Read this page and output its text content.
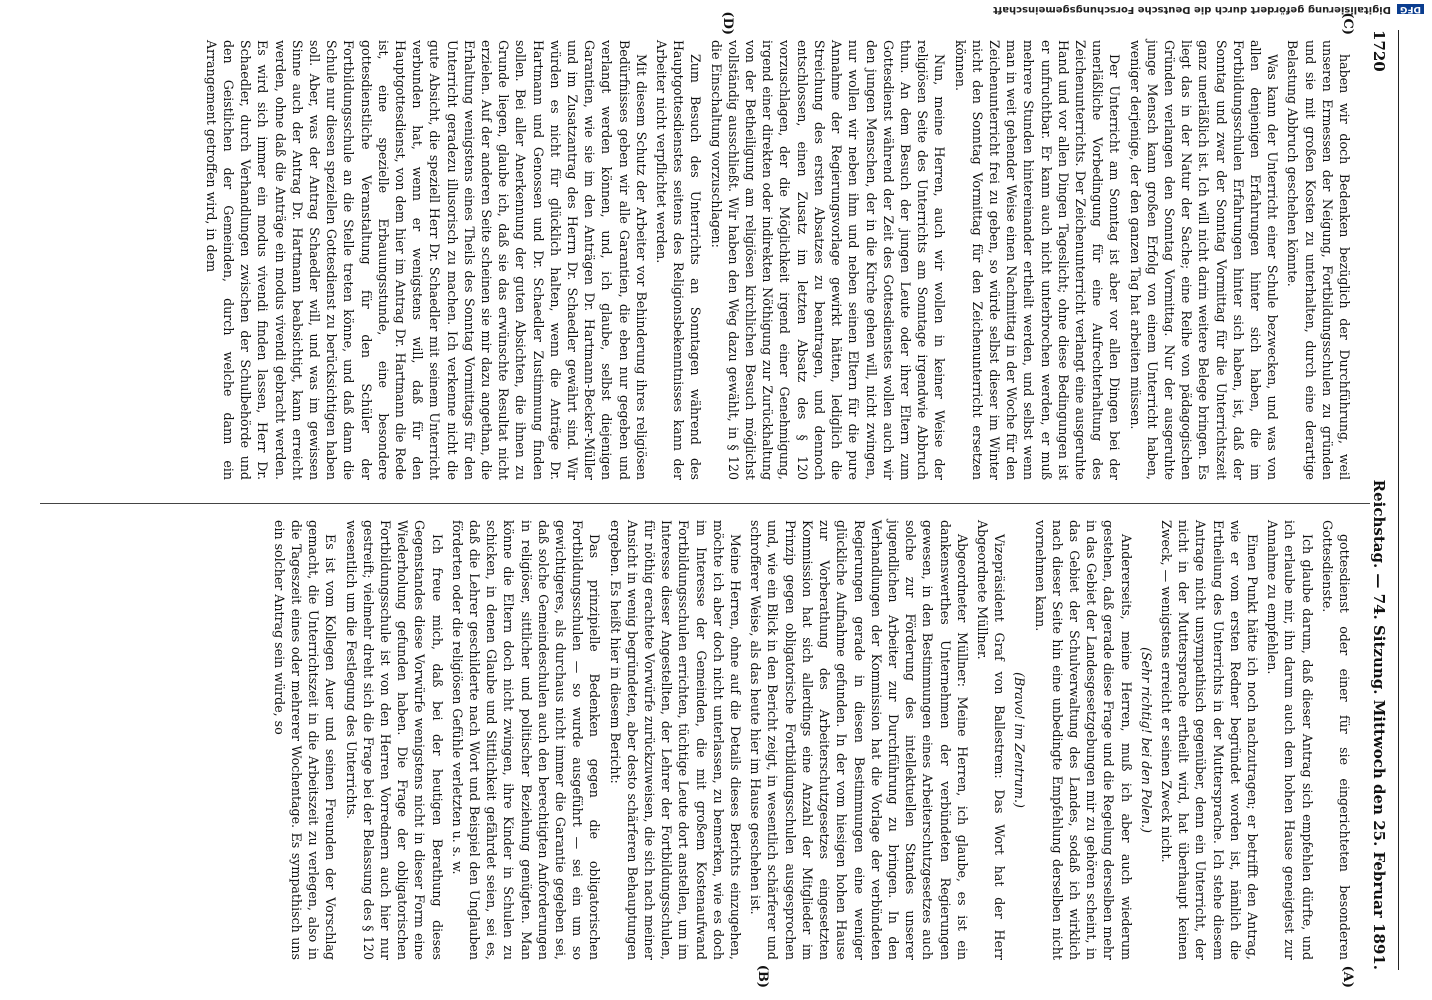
1720
Reichstag. — 74. Sitzung. Mittwoch den 25. Februar 1891.
(A)
(B)
(C)
(D)

gottesdienst oder einer für sie eingerichteten besonderen Gottesdienste.

Ich glaube darum, daß dieser Antrag sich empfehlen dürfte, und ich erlaube mir, ihn darum auch dem hohen Hause geneigtest zur Annahme zu empfehlen.

Einen Punkt hätte ich noch nachzutragen; er betrifft den Antrag, wie er vom ersten Redner begründet worden ist, nämlich die Ertheilung des Unterrichts in der Muttersprache. Ich stehe diesem Antrage nicht unsympathisch gegenüber, denn ein Unterricht, der nicht in der Muttersprache ertheilt wird, hat überhaupt keinen Zweck, — wenigstens erreicht er seinen Zweck nicht.

(Sehr richtig! bei den Polen.)

Andererseits, meine Herren, muß ich aber auch wiederum gestehen, daß gerade diese Frage und die Regelung derselben mehr in das Gebiet der Landesgesetzgebungen mir zu gehören scheint, in das Gebiet der Schulverwaltung des Landes, sodaß ich wirklich nach dieser Seite hin eine unbedingte Empfehlung derselben nicht vornehmen kann.

(Bravo! im Zentrum.)

Vizepräsident Graf von Ballestrem: Das Wort hat der Herr Abgeordnete Müllner.

Abgeordneter Müllner: Meine Herren, ich glaube, es ist ein dankenswerthes Unternehmen der verbündeten Regierungen gewesen, in den Bestimmungen eines Arbeiterschutzgesetzes auch solche zur Förderung des intellektuellen Standes unserer jugendlichen Arbeiter zur Durchführung zu bringen. In den Verhandlungen der Kommission hat die Vorlage der verbündeten Regierungen gerade in diesen Bestimmungen eine weniger glückliche Aufnahme gefunden. In der vom hiesigen hohen Hause zur Vorberathung des Arbeiterschutzgesetzes eingesetzten Kommission hat sich allerdings eine Anzahl der Mitglieder im Prinzip gegen obligatorische Fortbildungsschulen ausgesprochen und, wie ein Blick in den Bericht zeigt, in wesentlich schärferer und schrofferer Weise, als das heute hier im Hause geschehen ist.

Meine Herren, ohne auf die Details dieses Berichts einzugehen, möchte ich aber doch nicht unterlassen, zu bemerken, wie es doch im Interesse der Gemeinden, die mit großem Kostenaufwand Fortbildungsschulen errichten, tüchtige Leute dort anstellen, um im Interesse dieser Angestellten, der Lehrer der Fortbildungsschulen, für nöthig erachtete Vorwürfe zurückzuweisen, die sich nach meiner Ansicht in wenig begründeten, aber desto schärferen Behauptungen ergeben. Es heißt hier in diesem Bericht:

Das prinzipielle Bedenken gegen die obligatorischen Fortbildungsschulen — so wurde ausgeführt — sei ein um so gewichtigeres, als durchaus nicht immer die Garantie gegeben sei, daß solche Gemeindeschulen auch den berechtigten Anforderungen in religiöser, sittlicher und politischer Beziehung genügten. Man könne die Eltern doch nicht zwingen, ihre Kinder in Schulen zu schicken, in denen Glaube und Sittlichkeit gefährdet seien, sei es, daß die Lehrer geschilderte nach Wort und Beispiel den Unglauben förderten oder die religiösen Gefühle verletzten u. s. w.

Ich freue mich, daß bei der heutigen Berathung dieses Gegenstandes diese Vorwürfe wenigstens nicht in dieser Form eine Wiederholung gefunden haben. Die Frage der obligatorischen Fortbildungsschule ist von den Herren Vorrednern auch hier nur gestreift; vielmehr dreht sich die Frage bei der Belassung des § 120 wesentlich um die Festlegung des Unterrichts.

Es ist vom Kollegen Auer und seinen Freunden der Vorschlag gemacht, die Unterrichtszeit in die Arbeitszeit zu verlegen, also in die Tageszeit eines oder mehrerer Wochentage. Es sympathisch uns ein solcher Antrag sein würde, so

haben wir doch Bedenken bezüglich der Durchführung, weil unseren Ermessen der Neigung, Fortbildungsschulen zu gründen und sie mit großen Kosten zu unterhalten, durch eine derartige Belastung Abbruch geschehen könnte.

Was kann der Unterricht einer Schule bezwecken, und was von allen denjenigen Erfahrungen hinter sich haben, die im Fortbildungsschulen Erfahrungen hinter sich haben, ist, daß der Sonntag und zwar der Sonntag Vormittag für die Unterrichtszeit ganz unerläßlich ist. Ich will nicht darin weitere Belege bringen. Es liegt das in der Natur der Sache; eine Reihe von pädagogischen Gründen verlangen den Sonntag Vormittag. Nur der ausgeruhte junge Mensch kann großen Erfolg von einem Unterricht haben, weniger derjenige, der den ganzen Tag hat arbeiten müssen.

Der Unterricht am Sonntag ist aber vor allen Dingen bei der unerläßliche Vorbedingung für eine Aufrechterhaltung des Zeichenunterrichts. Der Zeichenunterricht verlangt eine ausgeruhte Hand und vor allen Dingen Tageslicht; ohne diese Bedingungen ist er unfruchtbar. Er kann auch nicht unterbrochen werden, er muß mehrere Stunden hintereinander ertheilt werden, und selbst wenn man in weit gehender Weise einen Nachmittag in der Woche für den Zeichenunterricht frei zu geben, so würde selbst dieser im Winter nicht den Sonntag Vormittag für den Zeichenunterricht ersetzen können.

Nun, meine Herren, auch wir wollen in keiner Weise der religiösen Seite des Unterrichts am Sonntage irgendwie Abbruch thun. An dem Besuch der jungen Leute oder ihrer Eltern zum Gottesdienst während der Zeit des Gottesdienstes wollen auch wir den jungen Menschen, der in die Kirche gehen will, nicht zwingen, nur wollen wir neben ihm und neben seinen Eltern für die pure Annahme der Regierungsvorlage gewirkt hätten, lediglich die Streichung des ersten Absatzes zu beantragen, und dennoch entschlossen, einen Zusatz im letzten Absatz des § 120 vorzuschlagen, der die Möglichkeit irgend einer Genehmigung, irgend einer direkten oder indirekten Nöthigung zur Zurückhaltung von der Betheiligung am religiösen kirchlichen Besuch möglichst vollständig ausschließt. Wir haben den Weg dazu gewählt, in § 120 die Einschaltung vorzuschlagen:

Zum Besuch des Unterrichts an Sonntagen während des Hauptgottesdienstes seitens des Religionsbekenntnisses kann der Arbeiter nicht verpflichtet werden.

Mit diesem Schutz der Arbeiter vor Behinderung ihres religiösen Bedürfnisses geben wir alle Garantien, die eben nur gegeben und verlangt werden können, und, ich glaube, selbst diejenigen Garantien, wie sie im den Anträgen Dr. Hartmann-Becker-Müller und im Zusatzantrag des Herrn Dr. Schaedler gewährt sind. Wir würden es nicht für glücklich halten, wenn die Anträge Dr. Hartmann und Genossen und Dr. Schaedler Zustimmung finden sollen. Bei aller Anerkennung der guten Absichten, die ihnen zu Grunde liegen, glaube ich, daß sie das erwünschte Resultat nicht erzielen. Auf der anderen Seite scheinen sie mir dazu angethan, die Erhaltung wenigstens eines Theils des Sonntag Vormittags für den Unterricht geradezu illusorisch zu machen. Ich verkenne nicht die gute Absicht, die speziell Herr Dr. Schaedler mit seinem Unterricht verbunden hat, wenn er wenigstens will, daß für den Hauptgottesdienst, von dem hier im Antrag Dr. Hartmann die Rede ist, eine spezielle Erbauungsstunde, eine besondere gottesdienstliche Veranstaltung für den Schüler der Fortbildungsschule an die Stelle treten könne, und daß dann die Schule nur diesen speziellen Gottesdienst zu berücksichtigen haben soll. Aber, was der Antrag Schaedler will, und was im gewissen Sinne auch der Antrag Dr. Hartmann beabsichtigt, kann erreicht werden, ohne daß die Anträge ein modus vivendi gebracht werden. Es wird sich immer ein modus vivendi finden lassen, Herr Dr. Schaedler, durch Verhandlungen zwischen der Schulbehörde und den Geistlichen der Gemeinden, durch welche dann ein Arrangement getroffen wird, in dem

DFGDigitalisierung gefördert durch die Deutsche Forschungsgemeinschaft
